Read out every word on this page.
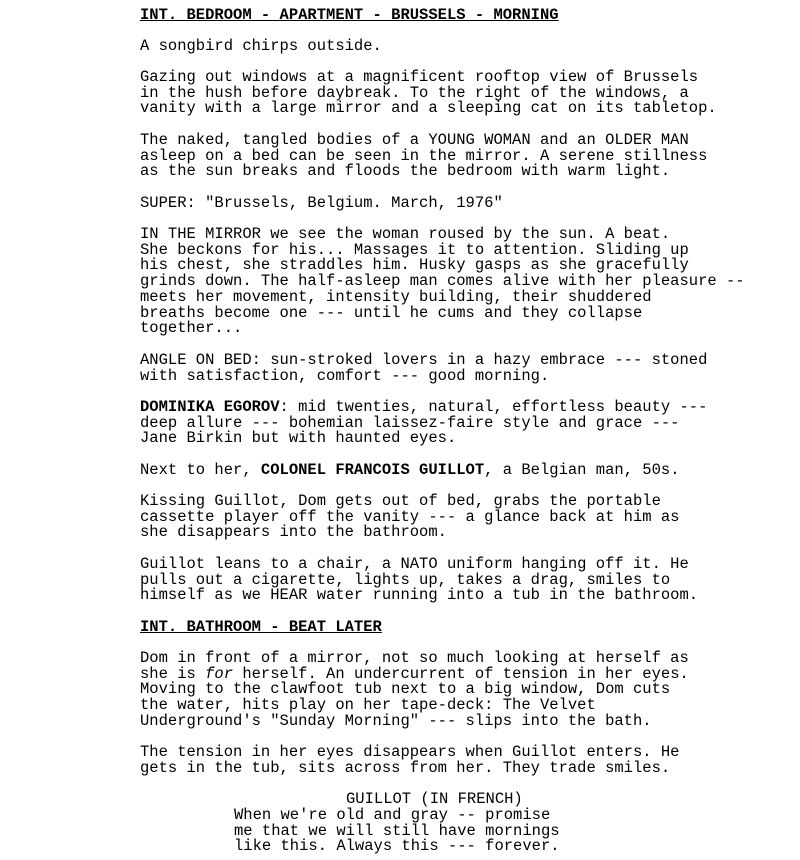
INT. BEDROOM - APARTMENT - BRUSSELS - MORNING
A songbird chirps outside.
Gazing out windows at a magnificent rooftop view of Brussels
in the hush before daybreak. To the right of the windows, a
vanity with a large mirror and a sleeping cat on its tabletop.
The naked, tangled bodies of a YOUNG WOMAN and an OLDER MAN
asleep on a bed can be seen in the mirror. A serene stillness
as the sun breaks and floods the bedroom with warm light.
SUPER: "Brussels, Belgium. March, 1976"
IN THE MIRROR we see the woman roused by the sun. A beat.
She beckons for his... Massages it to attention. Sliding up
his chest, she straddles him. Husky gasps as she gracefully
grinds down. The half-asleep man comes alive with her pleasure --
meets her movement, intensity building, their shuddered
breaths become one --- until he cums and they collapse
together...
ANGLE ON BED: sun-stroked lovers in a hazy embrace --- stoned
with satisfaction, comfort --- good morning.
DOMINIKA EGOROV: mid twenties, natural, effortless beauty ---
deep allure --- bohemian laissez-faire style and grace ---
Jane Birkin but with haunted eyes.
Next to her, COLONEL FRANCOIS GUILLOT, a Belgian man, 50s.
Kissing Guillot, Dom gets out of bed, grabs the portable
cassette player off the vanity --- a glance back at him as
she disappears into the bathroom.
Guillot leans to a chair, a NATO uniform hanging off it. He
pulls out a cigarette, lights up, takes a drag, smiles to
himself as we HEAR water running into a tub in the bathroom.
INT. BATHROOM - BEAT LATER
Dom in front of a mirror, not so much looking at herself as
she is for herself. An undercurrent of tension in her eyes.
Moving to the clawfoot tub next to a big window, Dom cuts
the water, hits play on her tape-deck: The Velvet
Underground's "Sunday Morning" --- slips into the bath.
The tension in her eyes disappears when Guillot enters. He
gets in the tub, sits across from her. They trade smiles.
GUILLOT (IN FRENCH)
When we're old and gray -- promise
me that we will still have mornings
like this. Always this --- forever.
